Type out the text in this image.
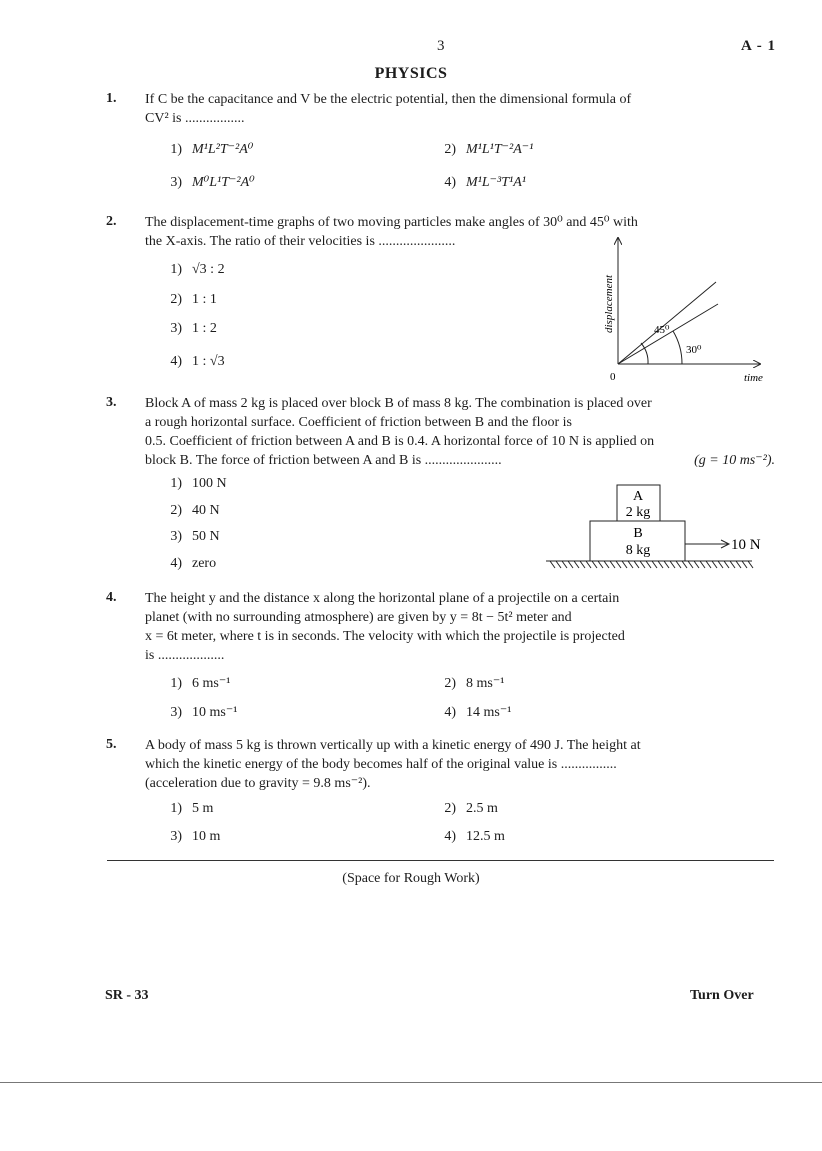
3	A - 1
PHYSICS
1. If C be the capacitance and V be the electric potential, then the dimensional formula of
CV² is .................
1) M¹L²T⁻²A⁰	2) M¹L¹T⁻²A⁻¹
3) M⁰L¹T⁻²A⁰	4) M¹L⁻³T¹A¹
2. The displacement-time graphs of two moving particles make angles of 30⁰ and 45⁰ with
the X-axis. The ratio of their velocities is ......................
1) √3 : 2
2) 1 : 1
3) 1 : 2
4) 1 : √3
displacement
time
0
45⁰
30⁰
3. Block A of mass 2 kg is placed over block B of mass 8 kg. The combination is placed over
a rough horizontal surface. Coefficient of friction between B and the floor is
0.5. Coefficient of friction between A and B is 0.4. A horizontal force of 10 N is applied on
block B. The force of friction between A and B is ......................	(g = 10 ms⁻²).
1) 100 N
2) 40 N
3) 50 N
4) zero
A
2 kg
B
8 kg	10 N
4. The height y and the distance x along the horizontal plane of a projectile on a certain
planet (with no surrounding atmosphere) are given by y = 8t − 5t² meter and
x = 6t meter, where t is in seconds. The velocity with which the projectile is projected
is ...................
1) 6 ms⁻¹	2) 8 ms⁻¹
3) 10 ms⁻¹	4) 14 ms⁻¹
5. A body of mass 5 kg is thrown vertically up with a kinetic energy of 490 J. The height at
which the kinetic energy of the body becomes half of the original value is ................
(acceleration due to gravity = 9.8 ms⁻²).
1) 5 m	2) 2.5 m
3) 10 m	4) 12.5 m
(Space for Rough Work)
SR - 33	Turn Over
